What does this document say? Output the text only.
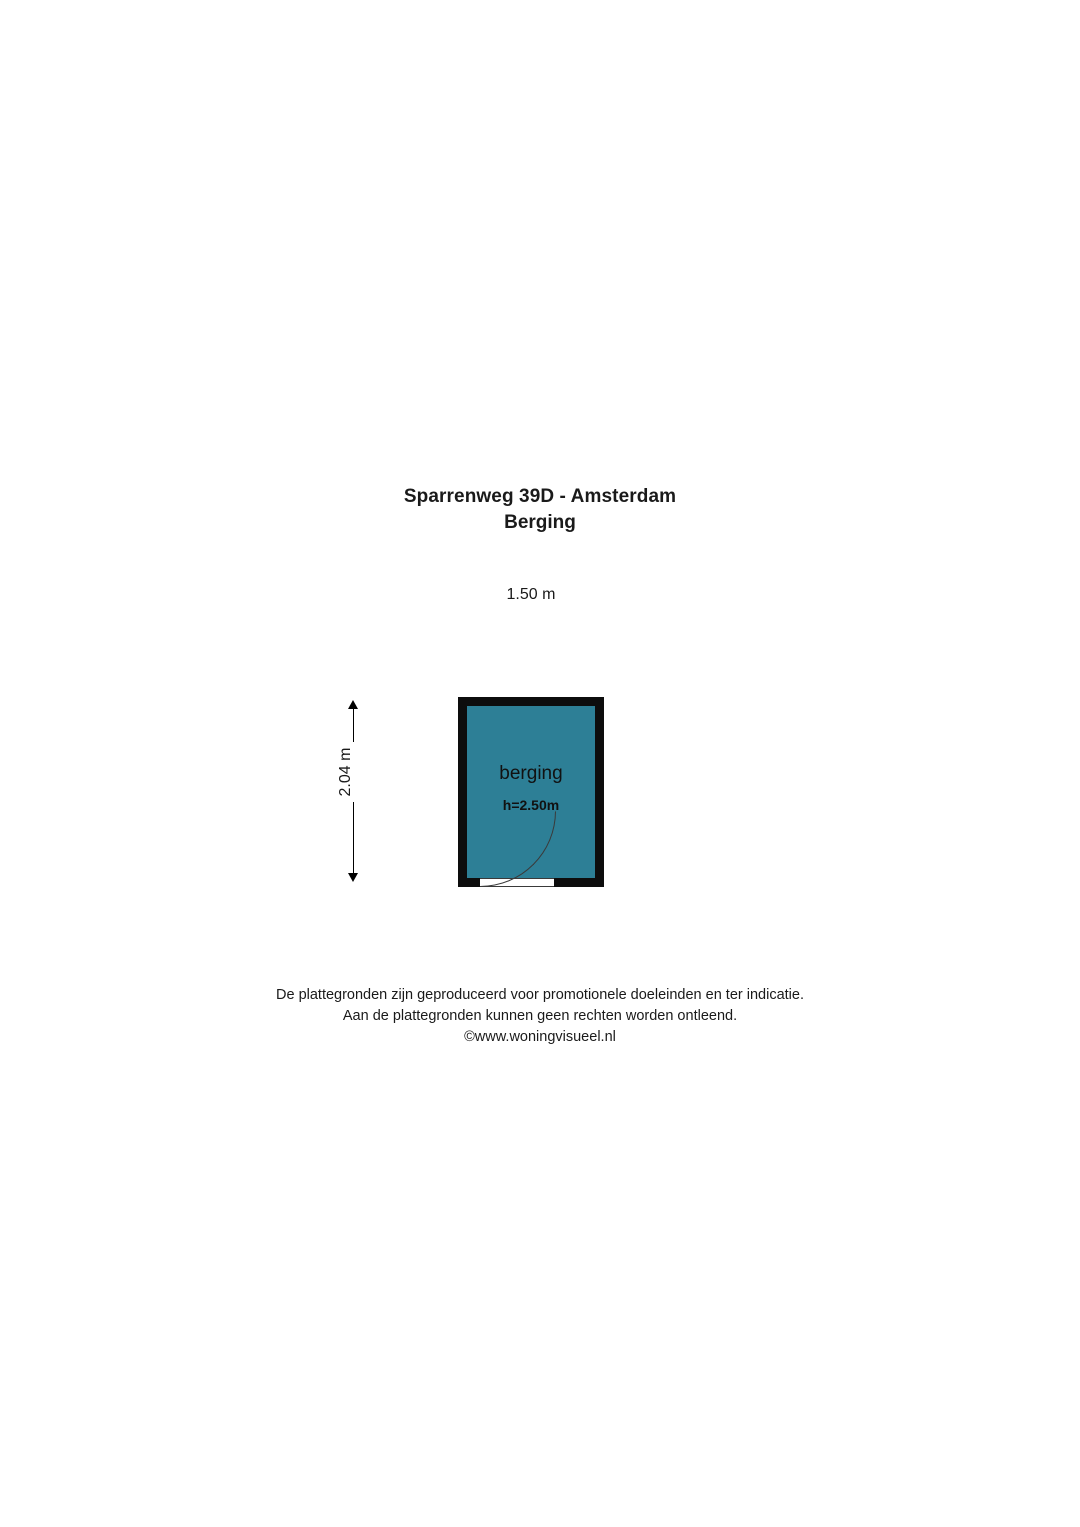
Sparrenweg 39D - Amsterdam
Berging
1.50 m
2.04 m	berging
h=2.50m
De plattegronden zijn geproduceerd voor promotionele doeleinden en ter indicatie.
Aan de plattegronden kunnen geen rechten worden ontleend.
©www.woningvisueel.nl
